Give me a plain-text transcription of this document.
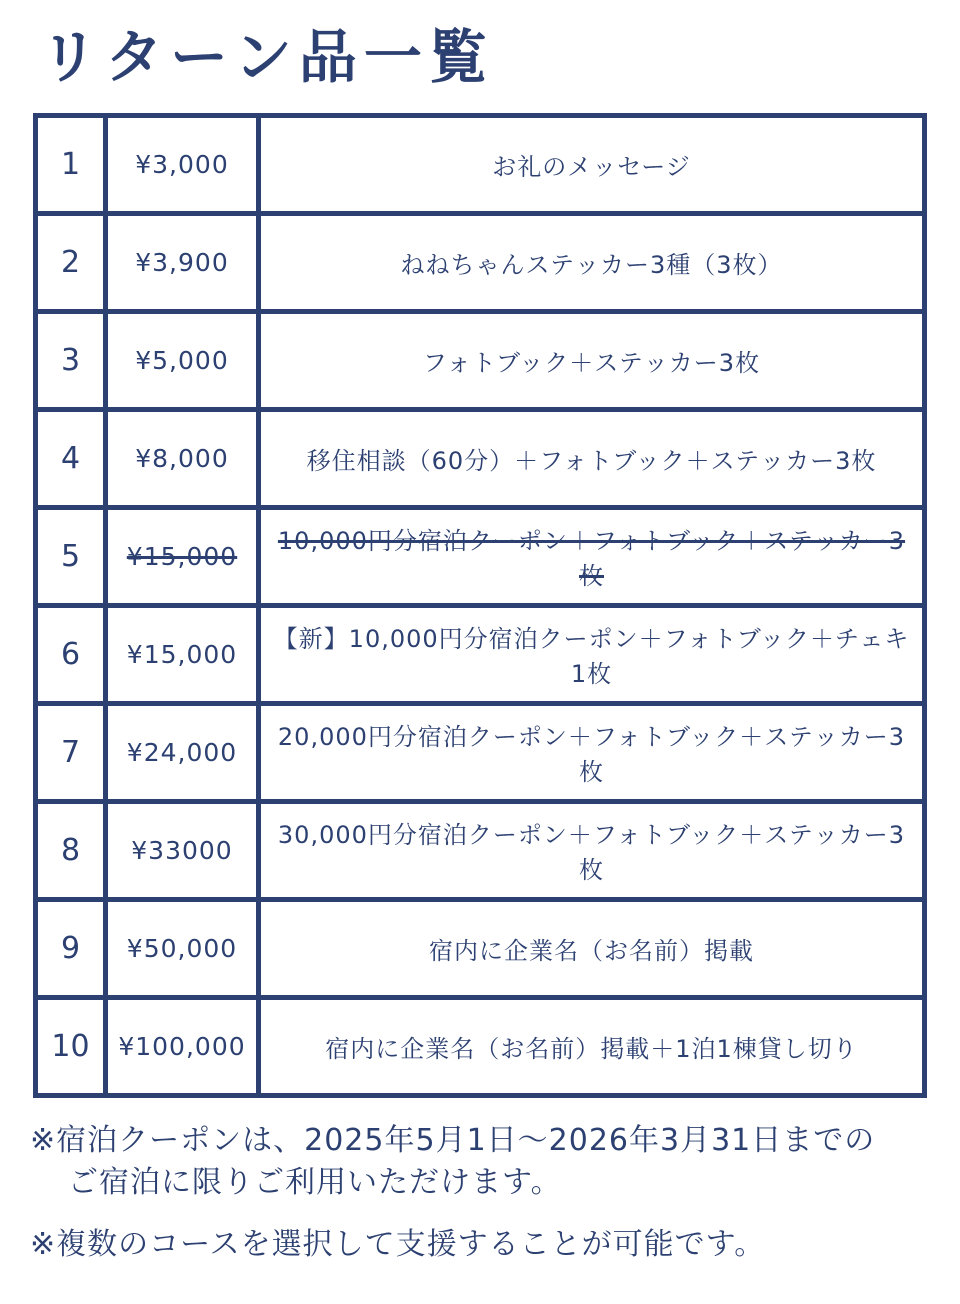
リターン品一覧
1	¥3,000	お礼のメッセージ
2	¥3,900	ねねちゃんステッカー3種（3枚）
3	¥5,000	フォトブック＋ステッカー3枚
4	¥8,000	移住相談（60分）＋フォトブック＋ステッカー3枚
5	¥15,000	10,000円分宿泊クーポン＋フォトブック＋ステッカー3枚
6	¥15,000	【新】10,000円分宿泊クーポン＋フォトブック＋チェキ1枚
7	¥24,000	20,000円分宿泊クーポン＋フォトブック＋ステッカー3枚
8	¥33000	30,000円分宿泊クーポン＋フォトブック＋ステッカー3枚
9	¥50,000	宿内に企業名（お名前）掲載
10	¥100,000	宿内に企業名（お名前）掲載＋1泊1棟貸し切り

※宿泊クーポンは、2025年5月1日～2026年3月31日までの
ご宿泊に限りご利用いただけます。

※複数のコースを選択して支援することが可能です。
